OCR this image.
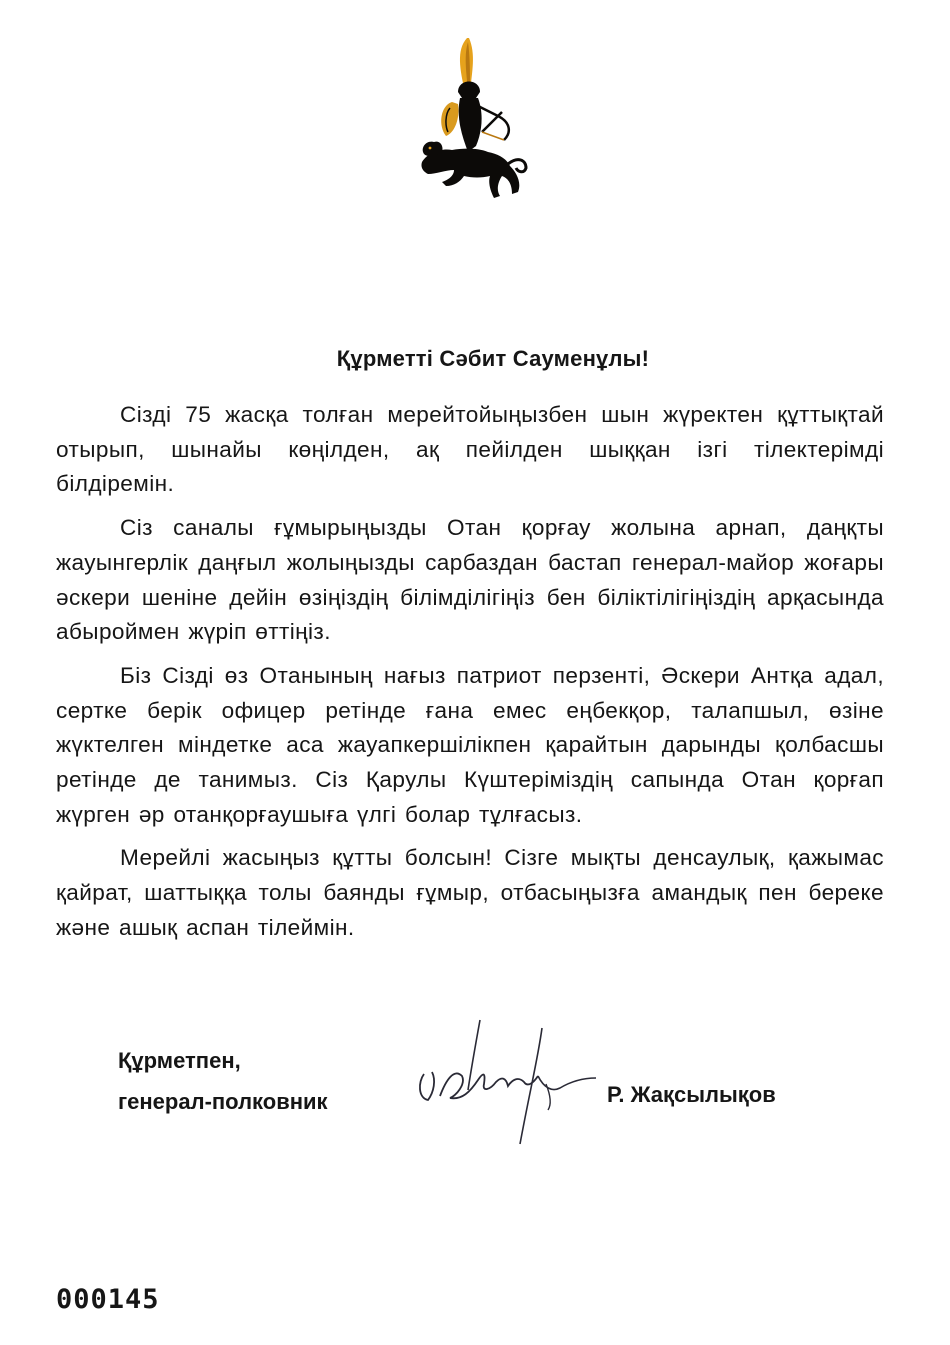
Құрметті Сәбит Сауменұлы!

Сізді 75 жасқа толған мерейтойыңызбен шын жүректен құттықтай отырып, шынайы көңілден, ақ пейілден шыққан ізгі тілектерімді білдіремін.

Сіз саналы ғұмырыңызды Отан қорғау жолына арнап, даңқты жауынгерлік даңғыл жолыңызды сарбаздан бастап генерал-майор жоғары әскери шеніне дейін өзіңіздің білімділігіңіз бен біліктілігіңіздің арқасында абыроймен жүріп өттіңіз.

Біз Сізді өз Отанының нағыз патриот перзенті, Әскери Антқа адал, сертке берік офицер ретінде ғана емес еңбекқор, талапшыл, өзіне жүктелген міндетке аса жауапкершілікпен қарайтын дарынды қолбасшы ретінде де танимыз. Сіз Қарулы Күштеріміздің сапында Отан қорғап жүрген әр отанқорғаушыға үлгі болар тұлғасыз.

Мерейлі жасыңыз құтты болсын! Сізге мықты денсаулық, қажымас қайрат, шаттыққа толы баянды ғұмыр, отбасыңызға амандық пен береке және ашық аспан тілеймін.

Құрметпен,
генерал-полковник	Р. Жақсылықов
000145
